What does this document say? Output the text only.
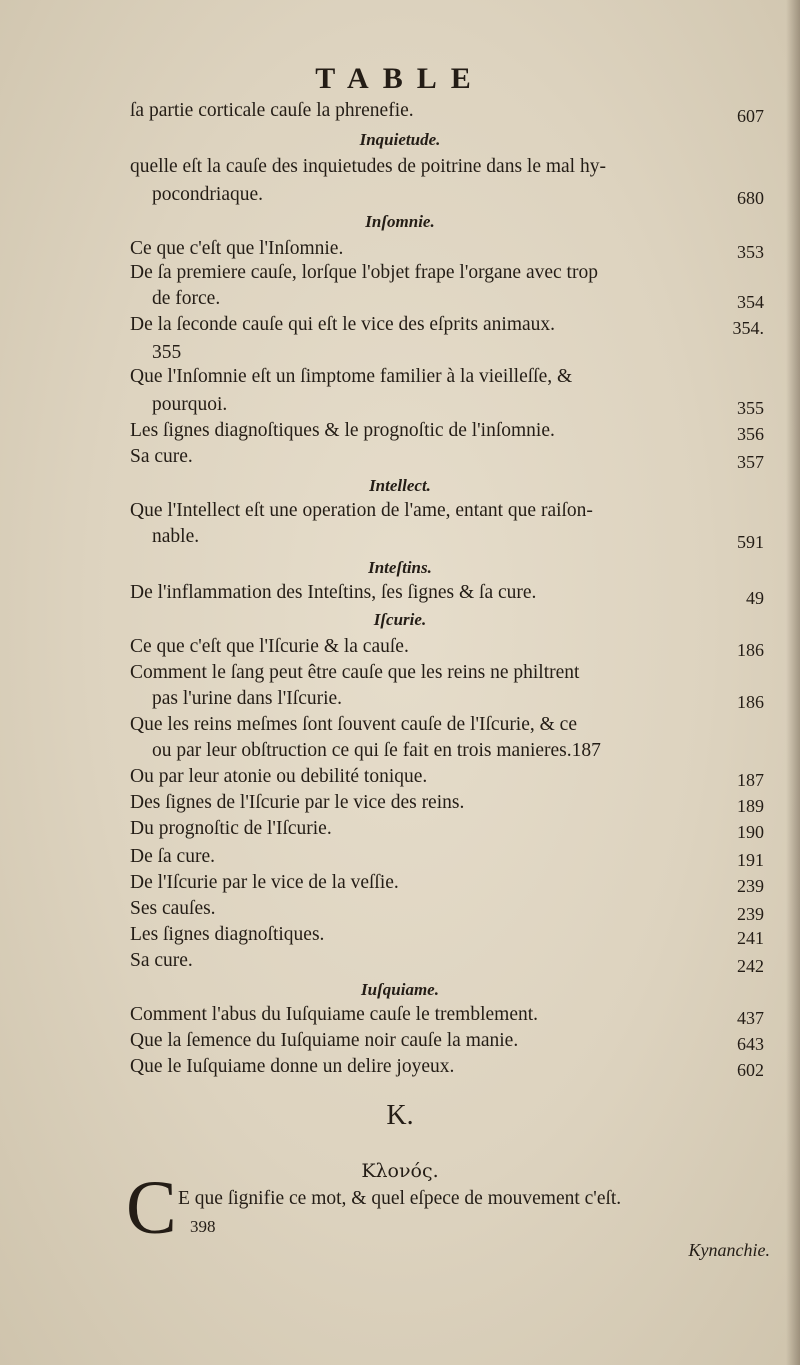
TABLE
ſa partie corticale cauſe la phrenefie.	607
Inquietude.
quelle eſt la cauſe des inquietudes de poitrine dans le mal hy-
pocondriaque.	680
Inſomnie.
Ce que c'eſt que l'Inſomnie.	353
De ſa premiere cauſe, lorſque l'objet frape l'organe avec trop
de force.	354
De la ſeconde cauſe qui eſt le vice des eſprits animaux.	354.
355
Que l'Inſomnie eſt un ſimptome familier à la vieilleſſe, &
pourquoi.	355
Les ſignes diagnoſtiques & le prognoſtic de l'inſomnie.	356
Sa cure.	357
Intellect.
Que l'Intellect eſt une operation de l'ame, entant que raiſon-
nable.	591
Inteſtins.
De l'inflammation des Inteſtins, ſes ſignes & ſa cure.	49
Iſcurie.
Ce que c'eſt que l'Iſcurie & la cauſe.	186
Comment le ſang peut être cauſe que les reins ne philtrent
pas l'urine dans l'Iſcurie.	186
Que les reins meſmes ſont ſouvent cauſe de l'Iſcurie, & ce
ou par leur obſtruction ce qui ſe fait en trois manieres.187
Ou par leur atonie ou debilité tonique.	187
Des ſignes de l'Iſcurie par le vice des reins.	189
Du prognoſtic de l'Iſcurie.	190
De ſa cure.	191
De l'Iſcurie par le vice de la veſſie.	239
Ses cauſes.	239
Les ſignes diagnoſtiques.	241
Sa cure.	242
Iuſquiame.
Comment l'abus du Iuſquiame cauſe le tremblement.	437
Que la ſemence du Iuſquiame noir cauſe la manie.	643
Que le Iuſquiame donne un delire joyeux.	602
K.
Κλονός.
C E que ſignifie ce mot, & quel eſpece de mouvement c'eſt.
398
Kynanchie.
